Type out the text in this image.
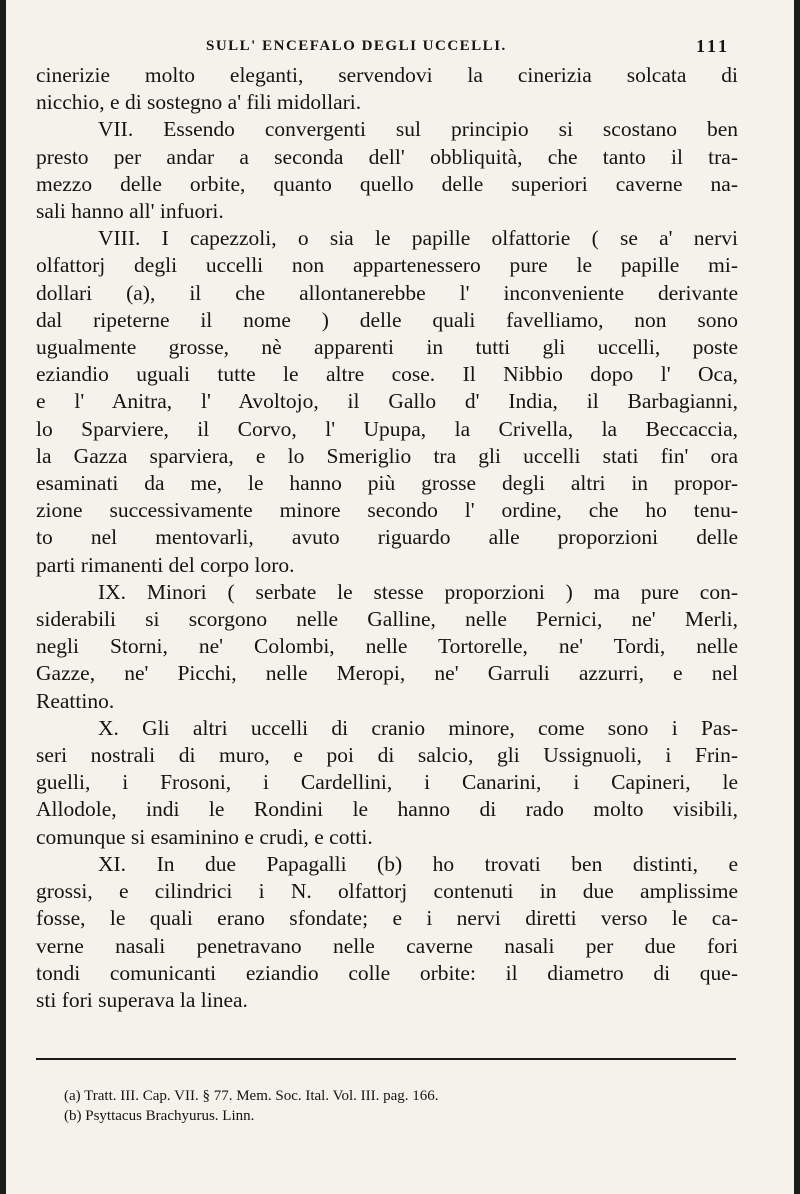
SULL' ENCEFALO DEGLI UCCELLI.	111

cinerizie molto eleganti, servendovi la cinerizia solcata di
nicchio, e di sostegno a' fili midollari.

VII. Essendo convergenti sul principio si scostano ben
presto per andar a seconda dell' obbliquità, che tanto il tra-
mezzo delle orbite, quanto quello delle superiori caverne na-
sali hanno all' infuori.

VIII. I capezzoli, o sia le papille olfattorie ( se a' nervi
olfattorj degli uccelli non appartenessero pure le papille mi-
dollari (a), il che allontanerebbe l' inconveniente derivante
dal ripeterne il nome ) delle quali favelliamo, non sono
ugualmente grosse, nè apparenti in tutti gli uccelli, poste
eziandio uguali tutte le altre cose. Il Nibbio dopo l' Oca,
e l' Anitra, l' Avoltojo, il Gallo d' India, il Barbagianni,
lo Sparviere, il Corvo, l' Upupa, la Crivella, la Beccaccia,
la Gazza sparviera, e lo Smeriglio tra gli uccelli stati fin' ora
esaminati da me, le hanno più grosse degli altri in propor-
zione successivamente minore secondo l' ordine, che ho tenu-
to nel mentovarli, avuto riguardo alle proporzioni delle
parti rimanenti del corpo loro.

IX. Minori ( serbate le stesse proporzioni ) ma pure con-
siderabili si scorgono nelle Galline, nelle Pernici, ne' Merli,
negli Storni, ne' Colombi, nelle Tortorelle, ne' Tordi, nelle
Gazze, ne' Picchi, nelle Meropi, ne' Garruli azzurri, e nel
Reattino.

X. Gli altri uccelli di cranio minore, come sono i Pas-
seri nostrali di muro, e poi di salcio, gli Ussignuoli, i Frin-
guelli, i Frosoni, i Cardellini, i Canarini, i Capineri, le
Allodole, indi le Rondini le hanno di rado molto visibili,
comunque si esaminino e crudi, e cotti.

XI. In due Papagalli (b) ho trovati ben distinti, e
grossi, e cilindrici i N. olfattorj contenuti in due amplissime
fosse, le quali erano sfondate; e i nervi diretti verso le ca-
verne nasali penetravano nelle caverne nasali per due fori
tondi comunicanti eziandio colle orbite: il diametro di que-
sti fori superava la linea.

(a) Tratt. III. Cap. VII. § 77. Mem. Soc. Ital. Vol. III. pag. 166.
(b) Psyttacus Brachyurus. Linn.
